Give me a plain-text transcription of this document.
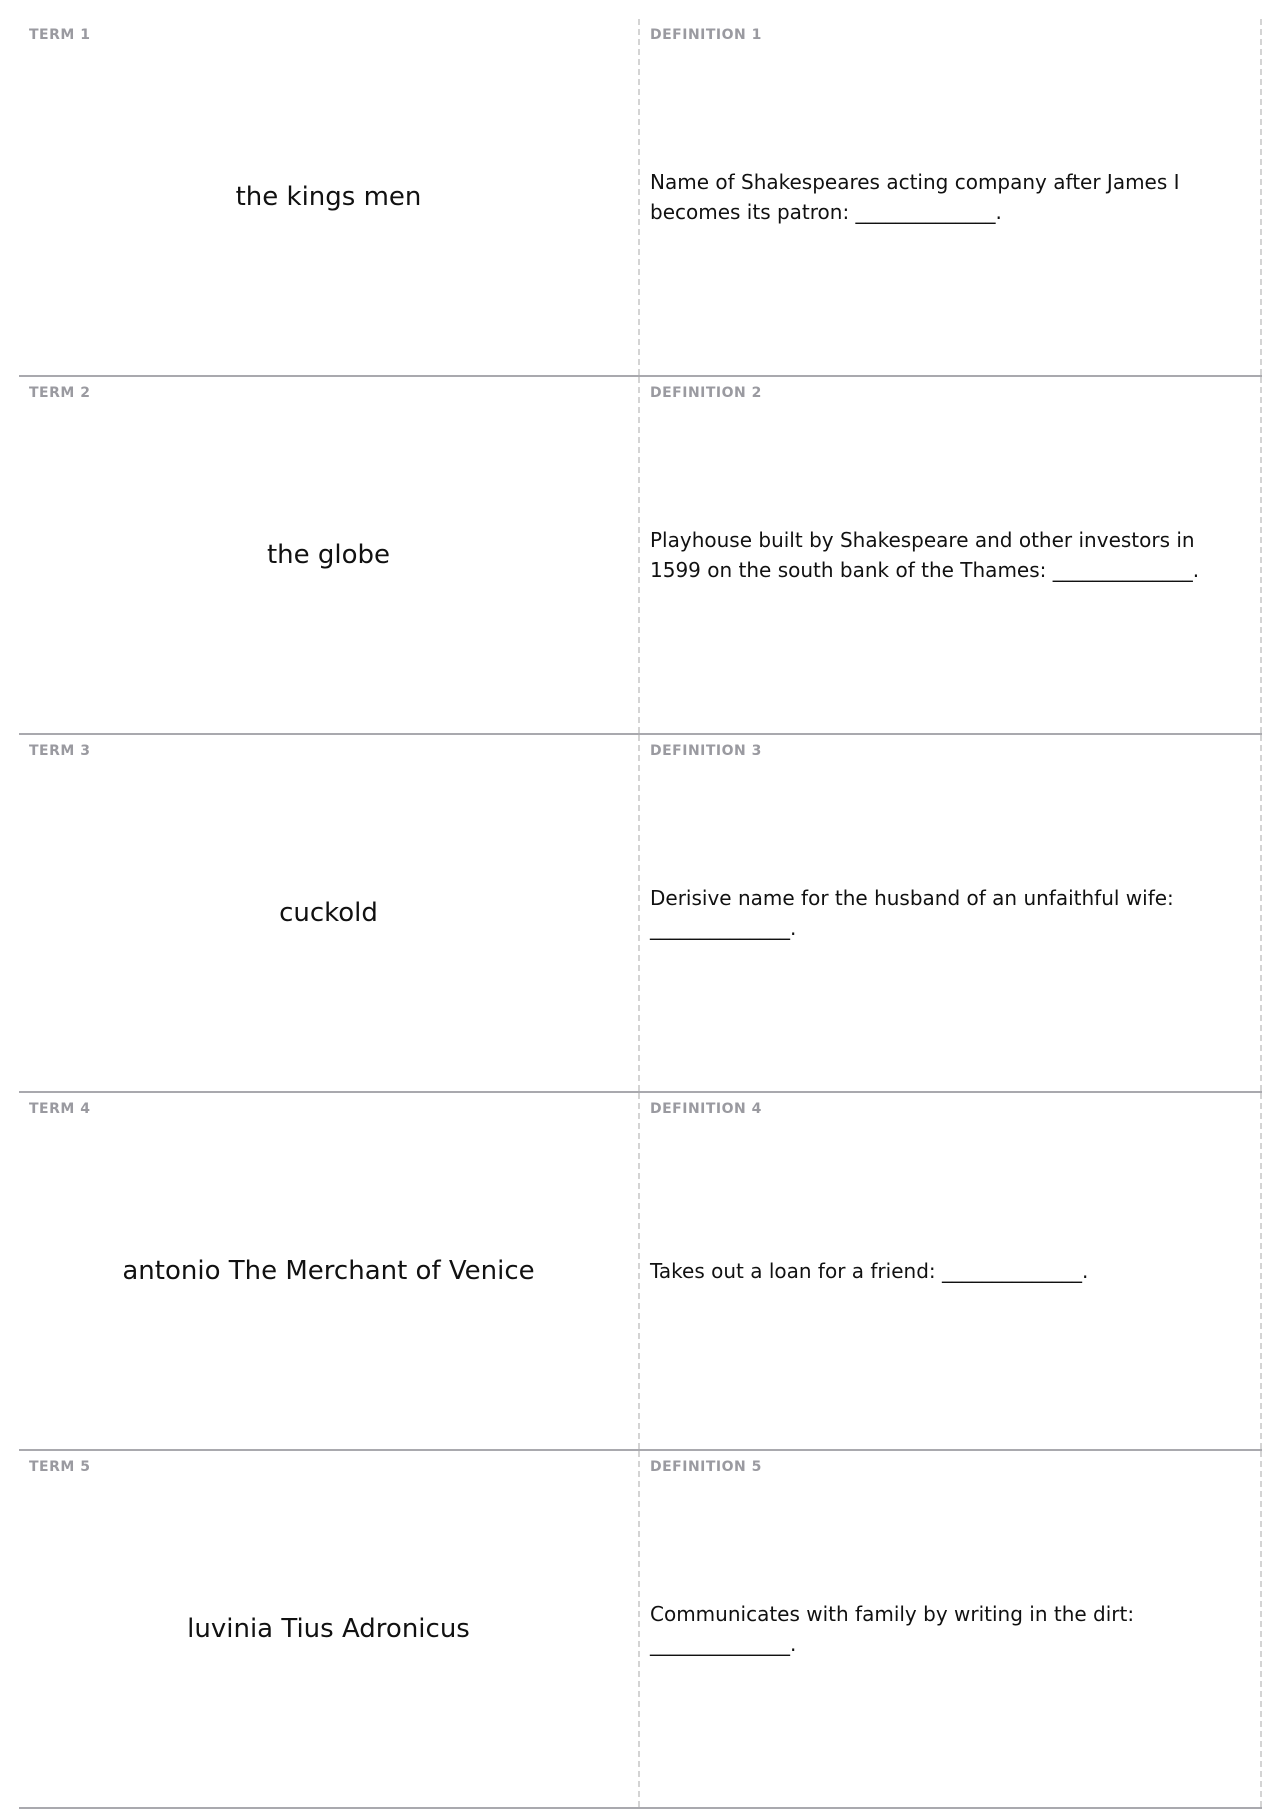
TERM 1
the kings men
DEFINITION 1
Name of Shakespeares acting company after James I becomes its patron: ______________.
TERM 2
the globe
DEFINITION 2
Playhouse built by Shakespeare and other investors in 1599 on the south bank of the Thames: ______________.
TERM 3
cuckold
DEFINITION 3
Derisive name for the husband of an unfaithful wife: ______________.
TERM 4
antonio The Merchant of Venice
DEFINITION 4
Takes out a loan for a friend: ______________.
TERM 5
luvinia Tius Adronicus
DEFINITION 5
Communicates with family by writing in the dirt: ______________.
